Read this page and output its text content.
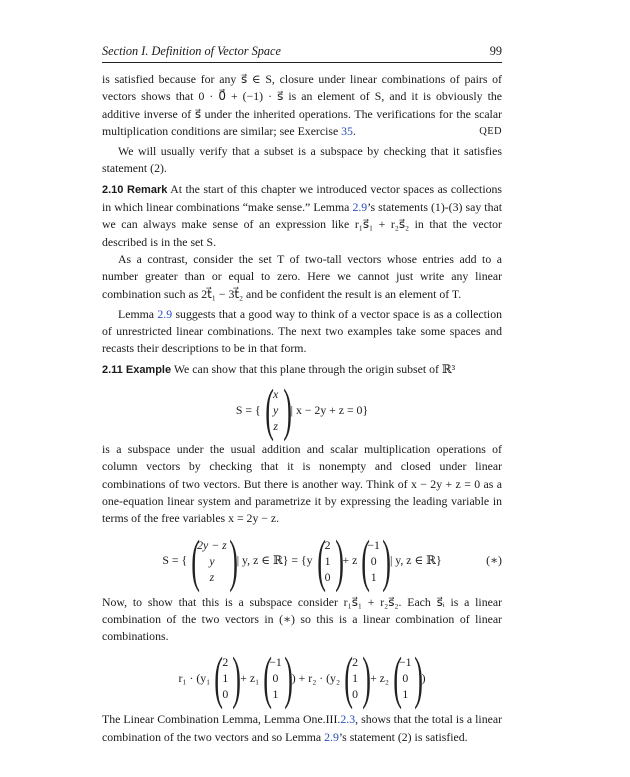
Section I. Definition of Vector Space	99

is satisfied because for any s⃗ ∈ S, closure under linear combinations of pairs of vectors shows that 0 · 0⃗ + (−1) · s⃗ is an element of S, and it is obviously the additive inverse of s⃗ under the inherited operations. The verifications for the scalar multiplication conditions are similar; see Exercise 35.	QED

We will usually verify that a subset is a subspace by checking that it satisfies statement (2).

2.10 Remark At the start of this chapter we introduced vector spaces as collections in which linear combinations “make sense.” Lemma 2.9’s statements (1)-(3) say that we can always make sense of an expression like r₁s⃗₁ + r₂s⃗₂ in that the vector described is in the set S.

As a contrast, consider the set T of two-tall vectors whose entries add to a number greater than or equal to zero. Here we cannot just write any linear combination such as 2t⃗₁ − 3t⃗₂ and be confident the result is an element of T.

Lemma 2.9 suggests that a good way to think of a vector space is as a collection of unrestricted linear combinations. The next two examples take some spaces and recasts their descriptions to be in that form.

2.11 Example We can show that this plane through the origin subset of ℝ³

S = { ( x
y
z ) | x − 2y + z = 0}

is a subspace under the usual addition and scalar multiplication operations of column vectors by checking that it is nonempty and closed under linear combinations of two vectors. But there is another way. Think of x − 2y + z = 0 as a one-equation linear system and parametrize it by expressing the leading variable in terms of the free variables x = 2y − z.

S = { (
2y − z
y
z ) | y, z ∈ ℝ} = {y ( 2
1
0 ) + z (
−1
0
1 ) | y, z ∈ ℝ}	(∗)

Now, to show that this is a subspace consider r₁s⃗₁ + r₂s⃗₂. Each s⃗ᵢ is a linear combination of the two vectors in (∗) so this is a linear combination of linear combinations.

r₁ · (y₁ ( 2
1
0 ) + z₁ (
−1
0
1 ) ) + r₂ · (y₂ ( 2
1
0 ) + z₂ (
−1
0
1 ) )

The Linear Combination Lemma, Lemma One.III.2.3, shows that the total is a linear combination of the two vectors and so Lemma 2.9’s statement (2) is satisfied.
